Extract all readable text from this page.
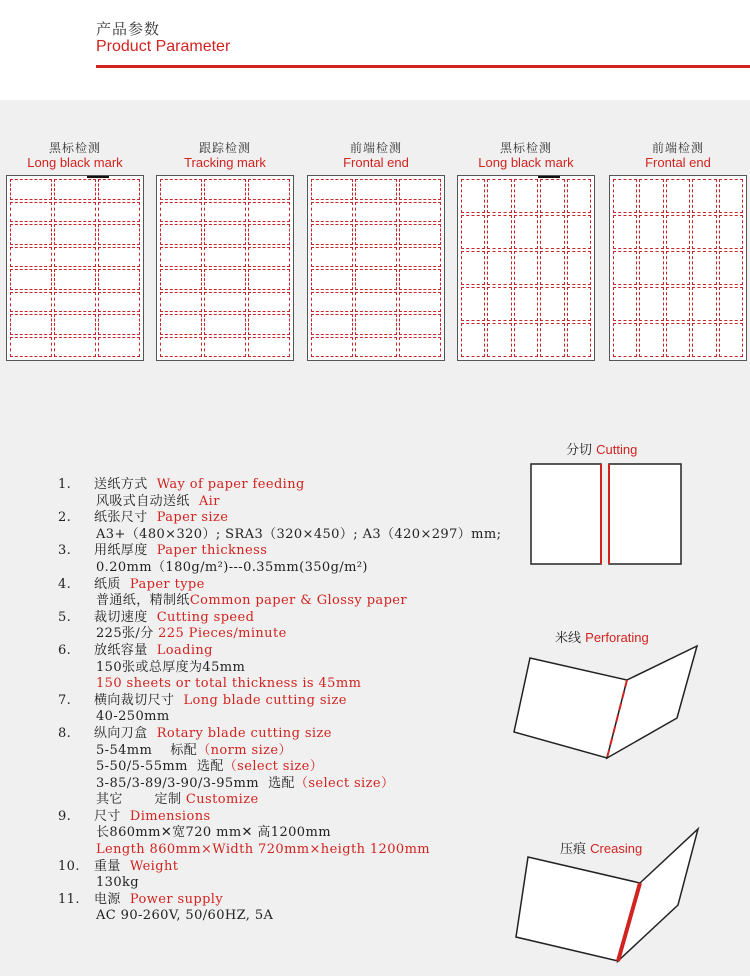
产品参数
Product Parameter
黑标检测
Long black mark
跟踪检测
Tracking mark
前端检测
Frontal end
黑标检测
Long black mark
前端检测
Frontal end
1. 送纸方式 Way of paper feeding
风吸式自动送纸 Air
2. 纸张尺寸 Paper size
A3+（480×320）; SRA3（320×450）; A3（420×297）mm;
3. 用纸厚度 Paper thickness
0.20mm（180g/m²)---0.35mm(350g/m²)
4. 纸质 Paper type
普通纸，精制纸Common paper & Glossy paper
5. 裁切速度 Cutting speed
225张/分 225 Pieces/minute
6. 放纸容量 Loading
150张或总厚度为45mm
150 sheets or total thickness is 45mm
7. 横向裁切尺寸 Long blade cutting size
40-250mm
8. 纵向刀盒 Rotary blade cutting size
5-54mm 标配（norm size）
5-50/5-55mm 选配（select size）
3-85/3-89/3-90/3-95mm 选配（select size）
其它 定制 Customize
9. 尺寸 Dimensions
长860mm✕宽720 mm✕ 高1200mm
Length 860mm×Width 720mm×heigth 1200mm
10. 重量 Weight
130kg
11. 电源 Power supply
AC 90-260V, 50/60HZ, 5A
分切 Cutting
米线 Perforating
压痕 Creasing
